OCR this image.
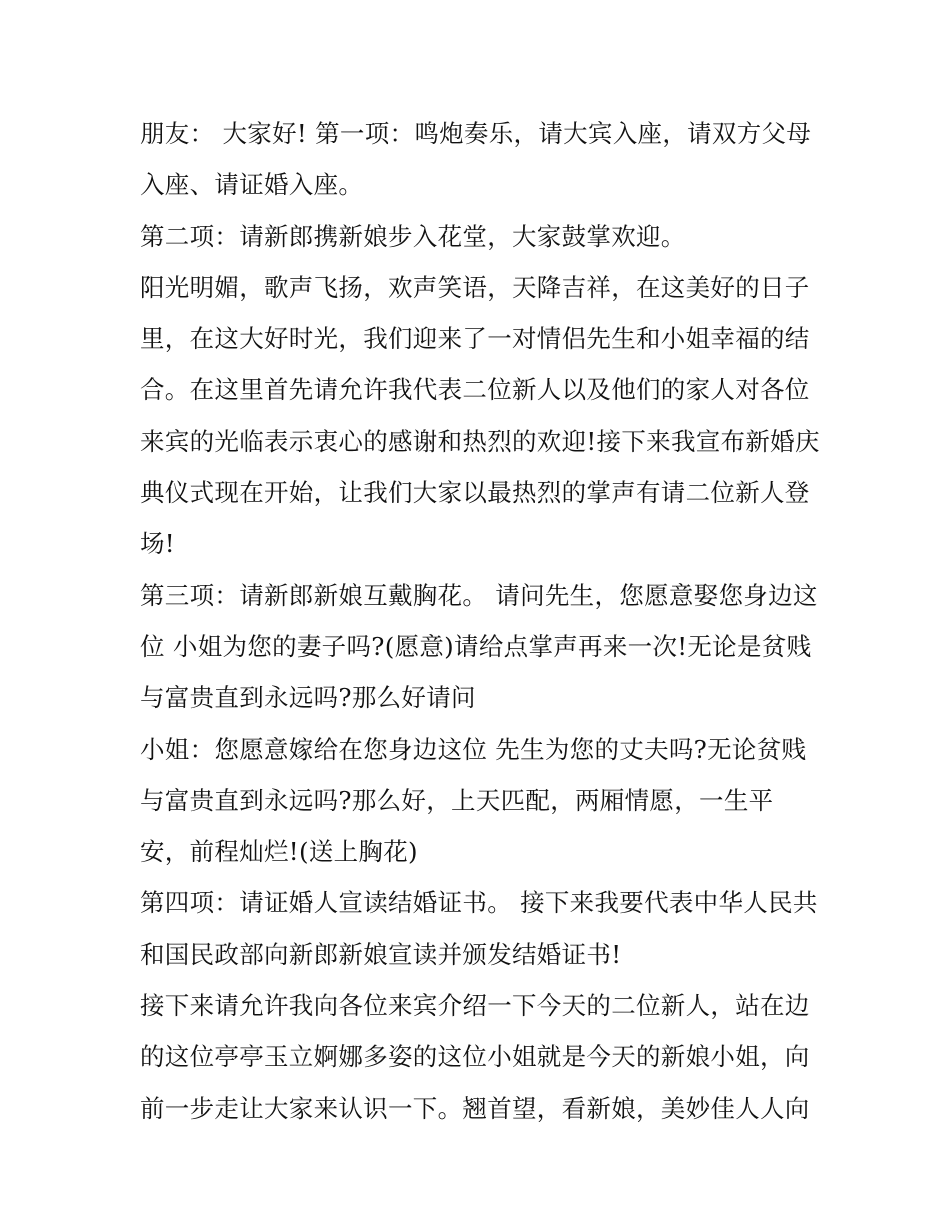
朋友： 大家好! 第一项：鸣炮奏乐，请大宾入座，请双方父母入座、请证婚入座。

第二项：请新郎携新娘步入花堂，大家鼓掌欢迎。

阳光明媚，歌声飞扬，欢声笑语，天降吉祥，在这美好的日子里，在这大好时光，我们迎来了一对情侣先生和小姐幸福的结合。在这里首先请允许我代表二位新人以及他们的家人对各位来宾的光临表示衷心的感谢和热烈的欢迎!接下来我宣布新婚庆典仪式现在开始，让我们大家以最热烈的掌声有请二位新人登场!

第三项：请新郎新娘互戴胸花。 请问先生，您愿意娶您身边这位 小姐为您的妻子吗?(愿意)请给点掌声再来一次!无论是贫贱与富贵直到永远吗?那么好请问

小姐：您愿意嫁给在您身边这位 先生为您的丈夫吗?无论贫贱与富贵直到永远吗?那么好，上天匹配，两厢情愿，一生平安，前程灿烂!(送上胸花)

第四项：请证婚人宣读结婚证书。 接下来我要代表中华人民共和国民政部向新郎新娘宣读并颁发结婚证书!

接下来请允许我向各位来宾介绍一下今天的二位新人，站在边的这位亭亭玉立婀娜多姿的这位小姐就是今天的新娘小姐，向前一步走让大家来认识一下。翘首望，看新娘，美妙佳人人向
